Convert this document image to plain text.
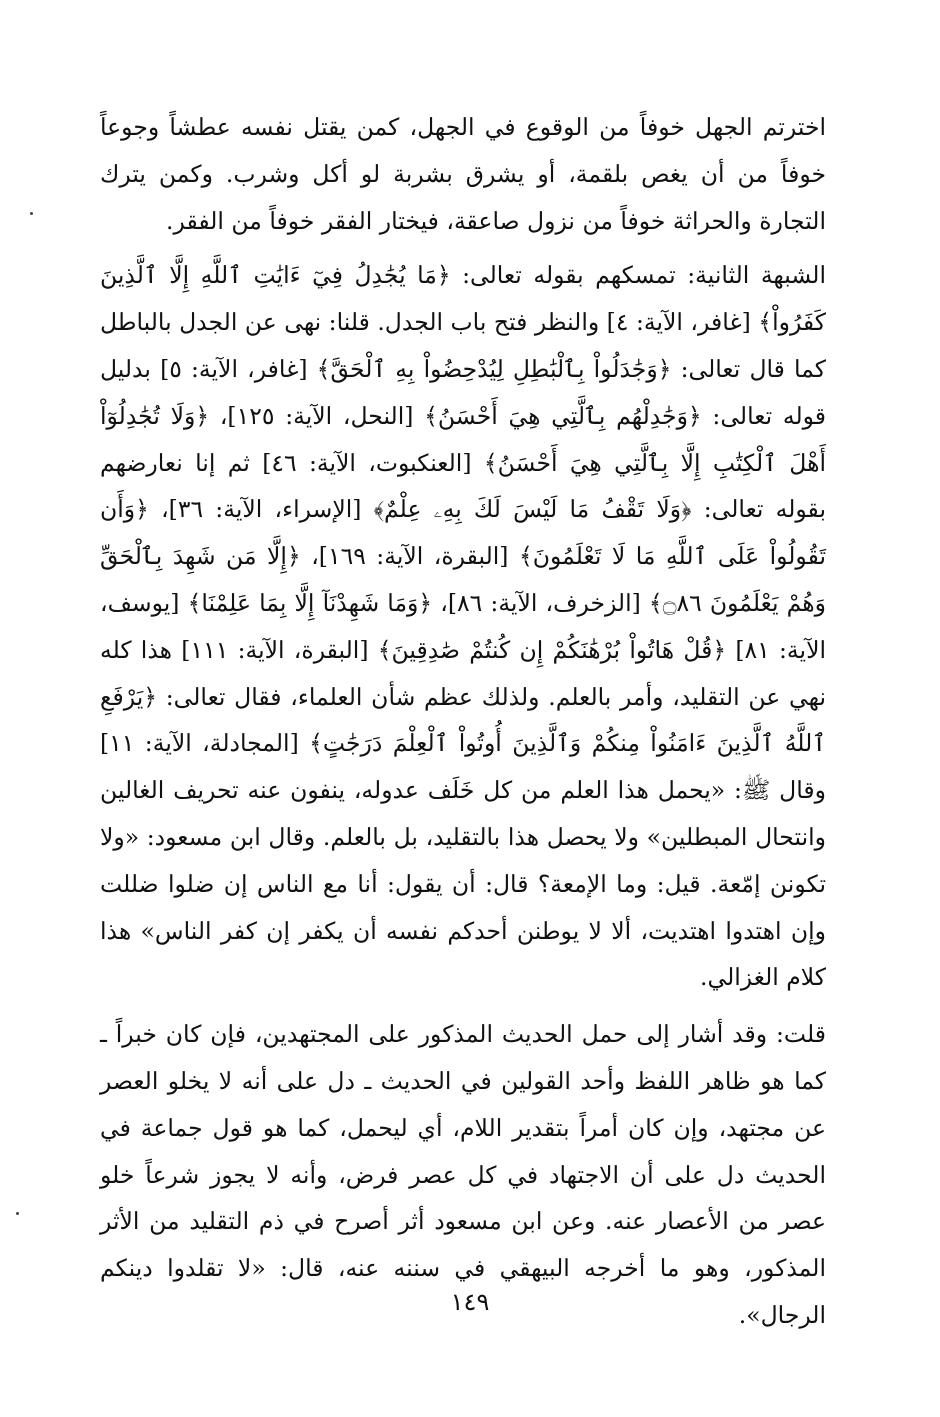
اخترتم الجهل خوفاً من الوقوع في الجهل، كمن يقتل نفسه عطشاً وجوعاً خوفاً من أن يغص بلقمة، أو يشرق بشربة لو أكل وشرب. وكمن يترك التجارة والحراثة خوفاً من نزول صاعقة، فيختار الفقر خوفاً من الفقر.

الشبهة الثانية: تمسكهم بقوله تعالى: ﴿مَا يُجَٰدِلُ فِيٓ ءَايَٰتِ ٱللَّهِ إِلَّا ٱلَّذِينَ كَفَرُواْ﴾ [غافر، الآية: ٤] والنظر فتح باب الجدل. قلنا: نهى عن الجدل بالباطل كما قال تعالى: ﴿وَجَٰدَلُواْ بِٱلْبَٰطِلِ لِيُدْحِضُواْ بِهِ ٱلْحَقَّ﴾ [غافر، الآية: ٥] بدليل قوله تعالى: ﴿وَجَٰدِلْهُم بِٱلَّتِي هِيَ أَحْسَنُ﴾ [النحل، الآية: ١٢٥]، ﴿وَلَا تُجَٰدِلُوٓاْ أَهْلَ ٱلْكِتَٰبِ إِلَّا بِٱلَّتِي هِيَ أَحْسَنُ﴾ [العنكبوت، الآية: ٤٦] ثم إنا نعارضهم بقوله تعالى: ﴿وَلَا تَقْفُ مَا لَيْسَ لَكَ بِهِۦ عِلْمٌ﴾ [الإسراء، الآية: ٣٦]، ﴿وَأَن تَقُولُواْ عَلَى ٱللَّهِ مَا لَا تَعْلَمُونَ﴾ [البقرة، الآية: ١٦٩]، ﴿إِلَّا مَن شَهِدَ بِٱلْحَقِّ وَهُمْ يَعْلَمُونَ ۝٨٦﴾ [الزخرف، الآية: ٨٦]، ﴿وَمَا شَهِدْنَآ إِلَّا بِمَا عَلِمْنَا﴾ [يوسف، الآية: ٨١] ﴿قُلْ هَاتُواْ بُرْهَٰنَكُمْ إِن كُنتُمْ صَٰدِقِينَ﴾ [البقرة، الآية: ١١١] هذا كله نهي عن التقليد، وأمر بالعلم. ولذلك عظم شأن العلماء، فقال تعالى: ﴿يَرْفَعِ ٱللَّهُ ٱلَّذِينَ ءَامَنُواْ مِنكُمْ وَٱلَّذِينَ أُوتُواْ ٱلْعِلْمَ دَرَجَٰتٍ﴾ [المجادلة، الآية: ١١] وقال ﷺ: «يحمل هذا العلم من كل خَلَف عدوله، ينفون عنه تحريف الغالين وانتحال المبطلين» ولا يحصل هذا بالتقليد، بل بالعلم. وقال ابن مسعود: «ولا تكونن إمّعة. قيل: وما الإمعة؟ قال: أن يقول: أنا مع الناس إن ضلوا ضللت وإن اهتدوا اهتديت، ألا لا يوطنن أحدكم نفسه أن يكفر إن كفر الناس» هذا كلام الغزالي.

قلت: وقد أشار إلى حمل الحديث المذكور على المجتهدين، فإن كان خبراً ـ كما هو ظاهر اللفظ وأحد القولين في الحديث ـ دل على أنه لا يخلو العصر عن مجتهد، وإن كان أمراً بتقدير اللام، أي ليحمل، كما هو قول جماعة في الحديث دل على أن الاجتهاد في كل عصر فرض، وأنه لا يجوز شرعاً خلو عصر من الأعصار عنه. وعن ابن مسعود أثر أصرح في ذم التقليد من الأثر المذكور، وهو ما أخرجه البيهقي في سننه عنه، قال: «لا تقلدوا دينكم الرجال».

١٤٩
